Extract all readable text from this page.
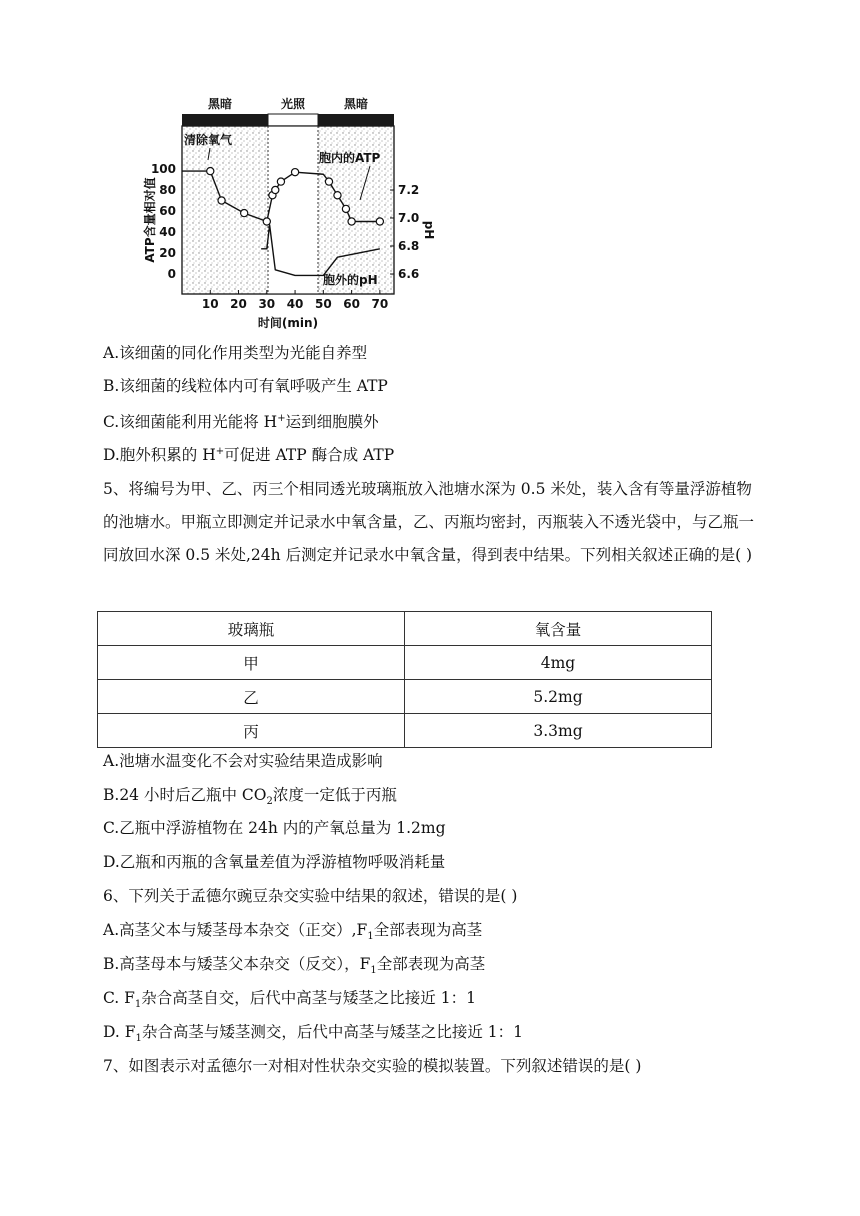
黑暗	光照	黑暗
10 20 30 40 50 60 70
100
80
60
40
20
0
7.2
7.0
6.8
6.6
清除氧气
胞内的ATP
胞外的pH
时间(min)
ATP含量相对值	pH
A.该细菌的同化作用类型为光能自养型
B.该细菌的线粒体内可有氧呼吸产生 ATP
C.该细菌能利用光能将 H+运到细胞膜外
D.胞外积累的 H+可促进 ATP 酶合成 ATP
5、将编号为甲、乙、丙三个相同透光玻璃瓶放入池塘水深为 0.5 米处，装入含有等量浮游植物的池塘水。甲瓶立即测定并记录水中氧含量，乙、丙瓶均密封，丙瓶装入不透光袋中，与乙瓶一同放回水深 0.5 米处,24h 后测定并记录水中氧含量，得到表中结果。下列相关叙述正确的是( )
玻璃瓶	氧含量
甲	4mg
乙	5.2mg
丙	3.3mg
A.池塘水温变化不会对实验结果造成影响
B.24 小时后乙瓶中 $CO_2$浓度一定低于丙瓶
C.乙瓶中浮游植物在 24h 内的产氧总量为 1.2mg
D.乙瓶和丙瓶的含氧量差值为浮游植物呼吸消耗量
6、下列关于孟德尔豌豆杂交实验中结果的叙述，错误的是( )
A.高茎父本与矮茎母本杂交（正交）$,F_1$全部表现为高茎
B.高茎母本与矮茎父本杂交（反交），$F_1$全部表现为高茎
C. $F_1$杂合高茎自交，后代中高茎与矮茎之比接近 1：1
D. $F_1$杂合高茎与矮茎测交，后代中高茎与矮茎之比接近 1：1
7、如图表示对孟德尔一对相对性状杂交实验的模拟装置。下列叙述错误的是( )
